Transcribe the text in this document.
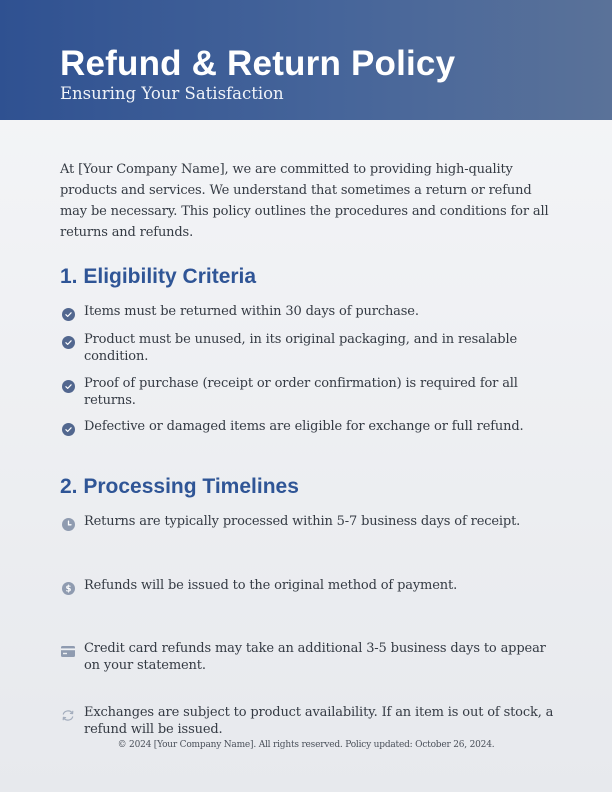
Refund & Return Policy
Ensuring Your Satisfaction

At [Your Company Name], we are committed to providing high-quality products and services. We understand that sometimes a return or refund may be necessary. This policy outlines the procedures and conditions for all returns and refunds.

1. Eligibility Criteria
Items must be returned within 30 days of purchase.
Product must be unused, in its original packaging, and in resalable condition.
Proof of purchase (receipt or order confirmation) is required for all returns.
Defective or damaged items are eligible for exchange or full refund.
2. Processing Timelines
Returns are typically processed within 5-7 business days of receipt.
$ Refunds will be issued to the original method of payment.
Credit card refunds may take an additional 3-5 business days to appear on your statement.
Exchanges are subject to product availability. If an item is out of stock, a refund will be issued.
© 2024 [Your Company Name]. All rights reserved. Policy updated: October 26, 2024.
